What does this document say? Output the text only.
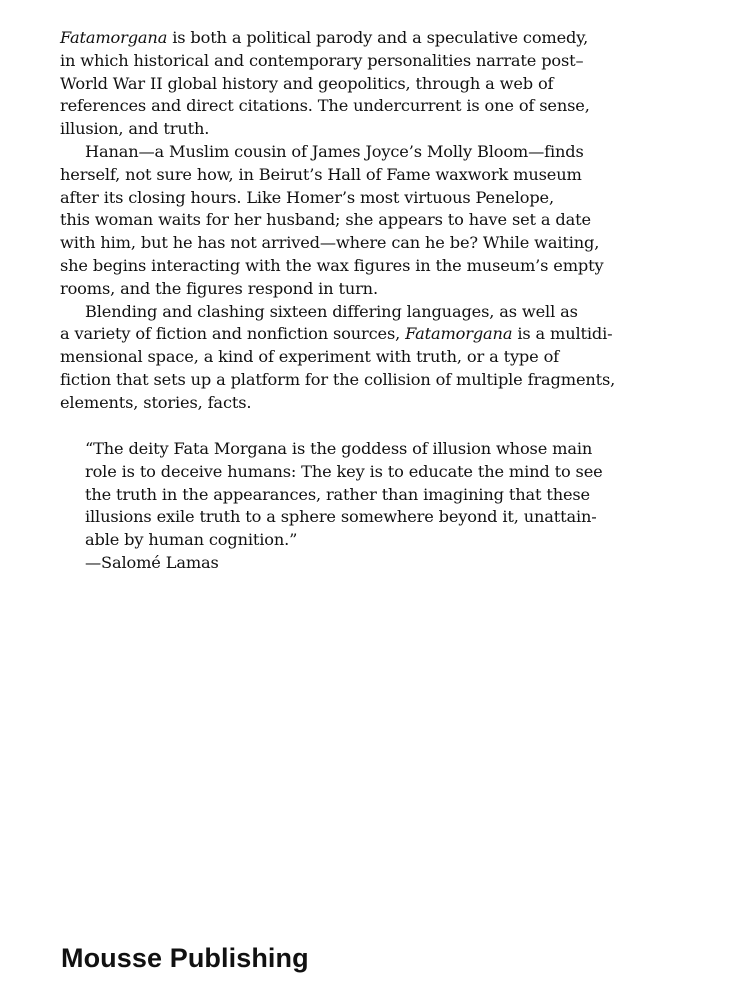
Fatamorgana is both a political parody and a speculative comedy,
in which historical and contemporary personalities narrate post–
World War II global history and geopolitics, through a web of
references and direct citations. The undercurrent is one of sense,
illusion, and truth.

Hanan—a Muslim cousin of James Joyce’s Molly Bloom—finds
herself, not sure how, in Beirut’s Hall of Fame waxwork museum
after its closing hours. Like Homer’s most virtuous Penelope,
this woman waits for her husband; she appears to have set a date
with him, but he has not arrived—where can he be? While waiting,
she begins interacting with the wax figures in the museum’s empty
rooms, and the figures respond in turn.

Blending and clashing sixteen differing languages, as well as
a variety of fiction and nonfiction sources, Fatamorgana is a multidi-
mensional space, a kind of experiment with truth, or a type of
fiction that sets up a platform for the collision of multiple fragments,
elements, stories, facts.

“The deity Fata Morgana is the goddess of illusion whose main
role is to deceive humans: The key is to educate the mind to see
the truth in the appearances, rather than imagining that these
illusions exile truth to a sphere somewhere beyond it, unattain-
able by human cognition.”
—Salomé Lamas
Mousse Publishing
